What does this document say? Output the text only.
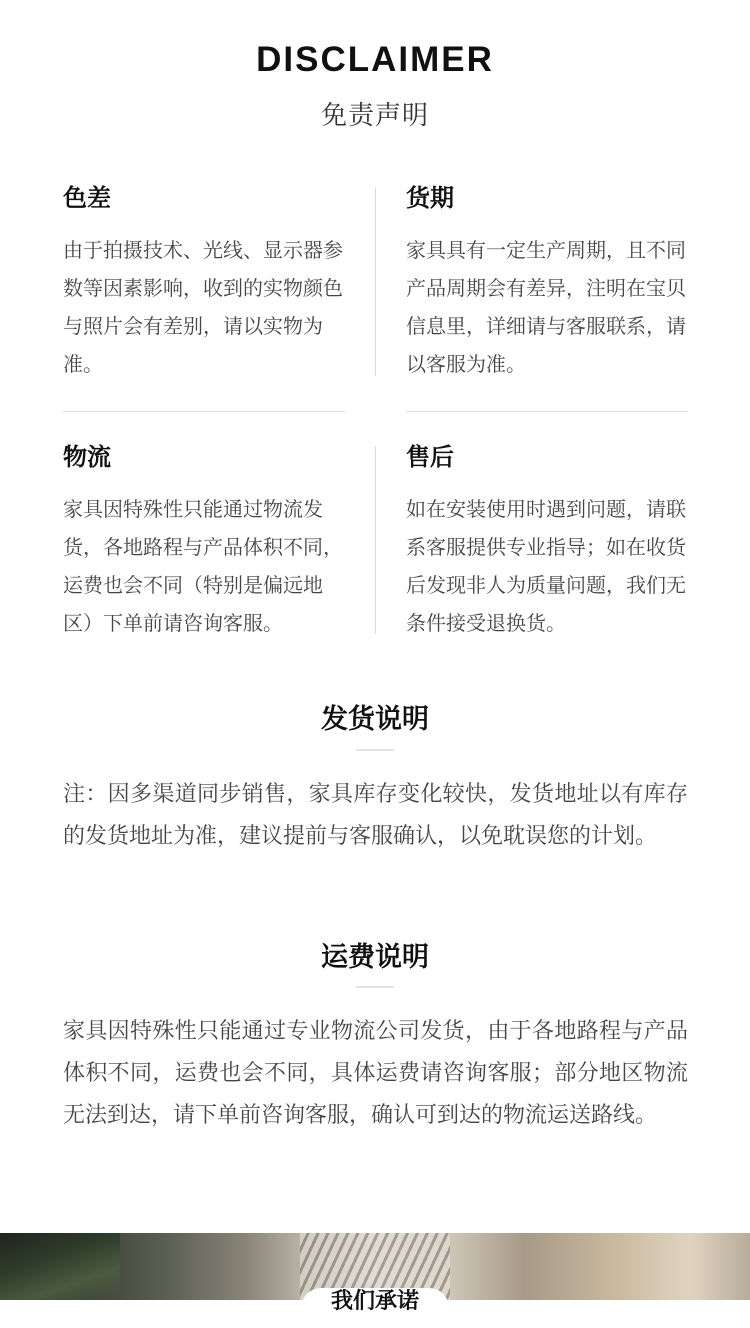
DISCLAIMER
免责声明
色差

由于拍摄技术、光线、显示器参数等因素影响，收到的实物颜色与照片会有差别，请以实物为准。

货期

家具具有一定生产周期，且不同产品周期会有差异，注明在宝贝信息里，详细请与客服联系，请以客服为准。

物流

家具因特殊性只能通过物流发货，各地路程与产品体积不同，运费也会不同（特别是偏远地区）下单前请咨询客服。

售后

如在安装使用时遇到问题，请联系客服提供专业指导；如在收货后发现非人为质量问题，我们无条件接受退换货。

发货说明
注：因多渠道同步销售，家具库存变化较快，发货地址以有库存的发货地址为准，建议提前与客服确认，以免耽误您的计划。
运费说明
家具因特殊性只能通过专业物流公司发货，由于各地路程与产品体积不同，运费也会不同，具体运费请咨询客服；部分地区物流无法到达，请下单前咨询客服，确认可到达的物流运送路线。
我们承诺
